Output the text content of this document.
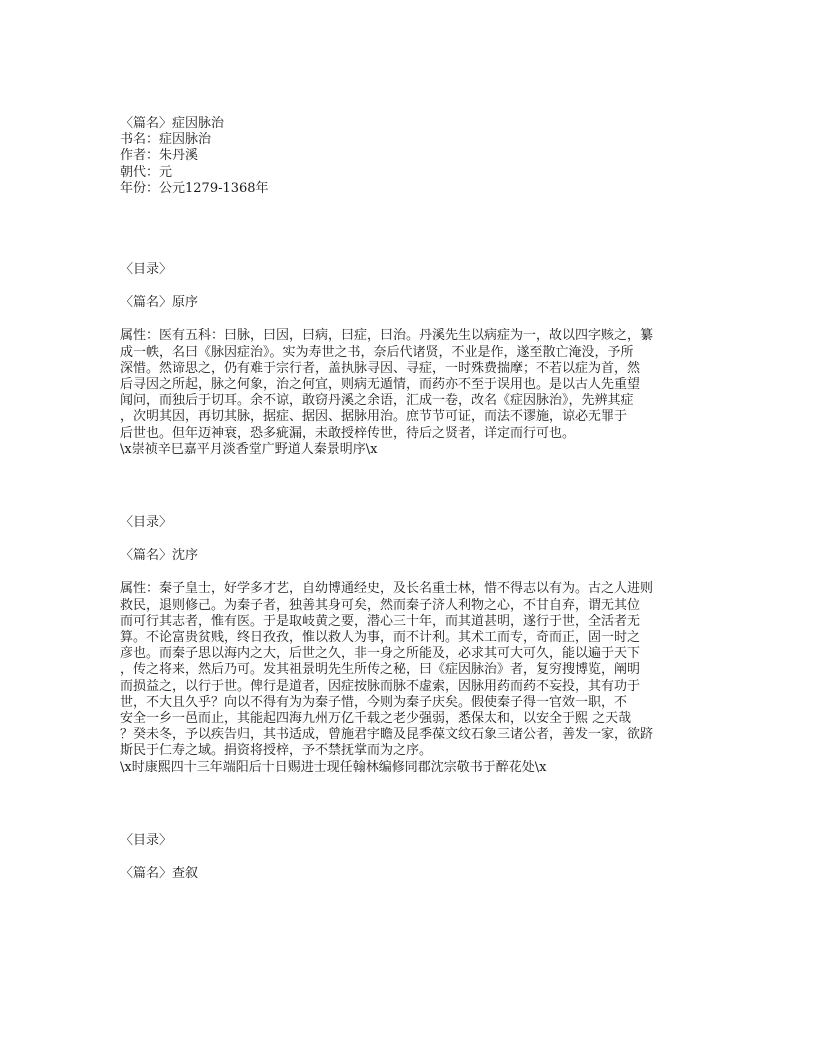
〈篇名〉症因脉治

书名：症因脉治

作者：朱丹溪

朝代：元

年份：公元1279-1368年

〈目录〉

〈篇名〉原序

属性：医有五科：曰脉，曰因，曰病，曰症，曰治。丹溪先生以病症为一，故以四字赅之，纂

成一帙，名曰《脉因症治》。实为寿世之书，奈后代诸贤，不业是作，遂至散亡淹没，予所

深惜。然谛思之，仍有难于宗行者，盖执脉寻因、寻症，一时殊费揣摩；不若以症为首，然

后寻因之所起，脉之何象，治之何宜，则病无遁情，而药亦不至于误用也。是以古人先重望

闻问，而独后于切耳。余不谅，敢窃丹溪之余语，汇成一卷，改名《症因脉治》，先辨其症

，次明其因，再切其脉，据症、据因、据脉用治。庶节节可证，而法不谬施，谅必无罪于

后世也。但年迈神衰，恐多疵漏，未敢授梓传世，待后之贤者，详定而行可也。

\x崇祯辛巳嘉平月淡香堂广野道人秦景明序\x

〈目录〉

〈篇名〉沈序

属性：秦子皇士，好学多才艺，自幼博通经史，及长名重士林，惜不得志以有为。古之人进则

救民，退则修己。为秦子者，独善其身可矣，然而秦子济人利物之心，不甘自弃，谓无其位

而可行其志者，惟有医。于是取岐黄之要，潜心三十年，而其道甚明，遂行于世，全活者无

算。不论富贵贫贱，终日孜孜，惟以救人为事，而不计利。其术工而专，奇而正，固一时之

彦也。而秦子思以海内之大，后世之久，非一身之所能及，必求其可大可久，能以遍于天下

，传之将来，然后乃可。发其祖景明先生所传之秘，曰《症因脉治》者，复穷搜博览，阐明

而损益之，以行于世。俾行是道者，因症按脉而脉不虚索，因脉用药而药不妄投，其有功于

世，不大且久乎？向以不得有为为秦子惜，今则为秦子庆矣。假使秦子得一官效一职，不

安全一乡一邑而止，其能起四海九州万亿千载之老少强弱，悉保太和，以安全于熙 之天哉

？癸未冬，予以疾告归，其书适成，曾施君宇瞻及昆季葆文纹石象三诸公者，善发一家，欲跻

斯民于仁寿之域。捐资将授梓，予不禁抚掌而为之序。

\x时康熙四十三年端阳后十日赐进士现任翰林编修同郡沈宗敬书于醉花处\x

〈目录〉

〈篇名〉查叙
